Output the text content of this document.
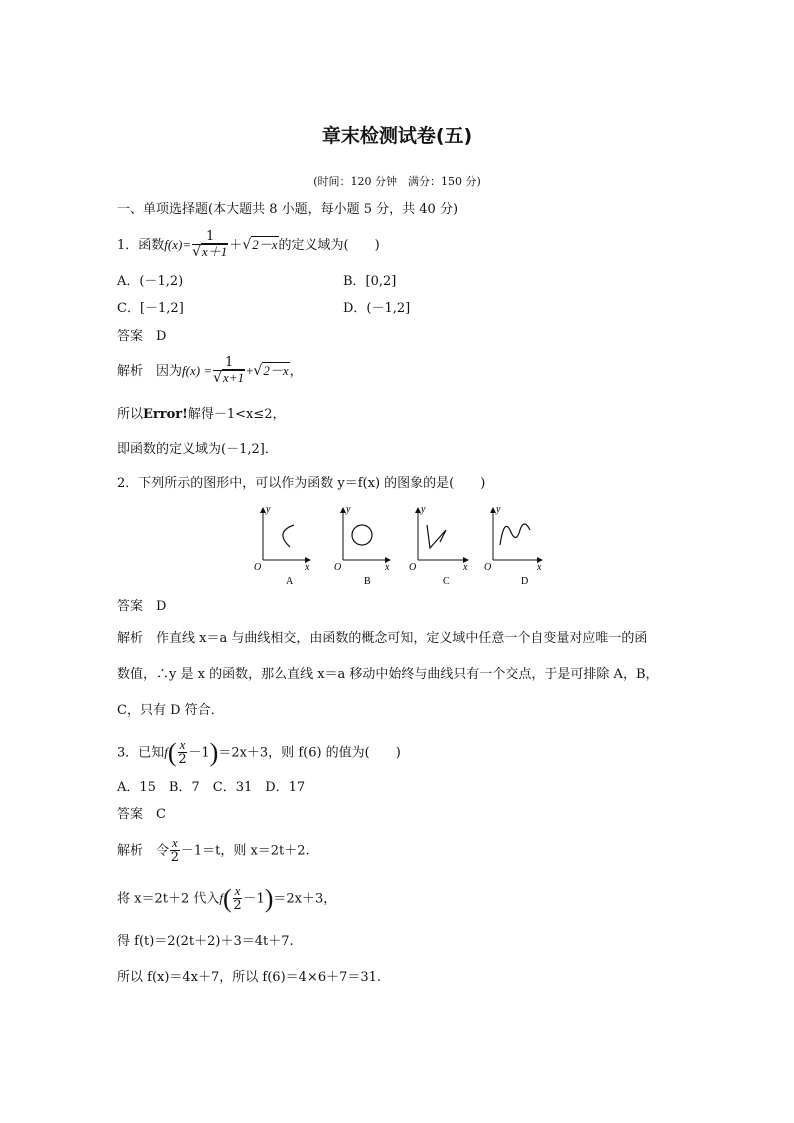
章末检测试卷(五)
(时间：120 分钟　满分：150 分)
一、单项选择题(本大题共 8 小题，每小题 5 分，共 40 分)
1．函数$f(x)= \frac{1}{√x+1} +√2-x$的定义域为(　　)
A．(－1,2)	B．[0,2]
C．[－1,2]	D．(－1,2]
答案　 D
解析　 因为$f(x) = \frac{1}{√x+1} +√2-x$，
所以Error!解得－1<x≤2，
即函数的定义域为(－1,2]．
2．下列所示的图形中，可以作为函数 y＝f(x) 的图象的是(　　)
y
x
O
A
y
x
O
B
y
x
O
C
y
x
O
D
答案　 D
解析　 作直线 x＝a 与曲线相交，由函数的概念可知，定义域中任意一个自变量对应唯一的函
数值，∴y 是 x 的函数，那么直线 x＝a 移动中始终与曲线只有一个交点，于是可排除 A，B，
C，只有 D 符合．
3．已知$f( \frac{x}{2} -1)=2x+3$，则 f(6) 的值为(　　)
A．15　B．7　C．31　D．17
答案　 C
解析　 令 $\frac{x}{2} -1=t$，则 x＝2t＋2.
将 x＝2t＋2 代入$f( \frac{x}{2} -1)=2x+3$，
得 f(t)＝2(2t＋2)＋3＝4t＋7.
所以 f(x)＝4x＋7，所以 f(6)＝4×6＋7＝31.
